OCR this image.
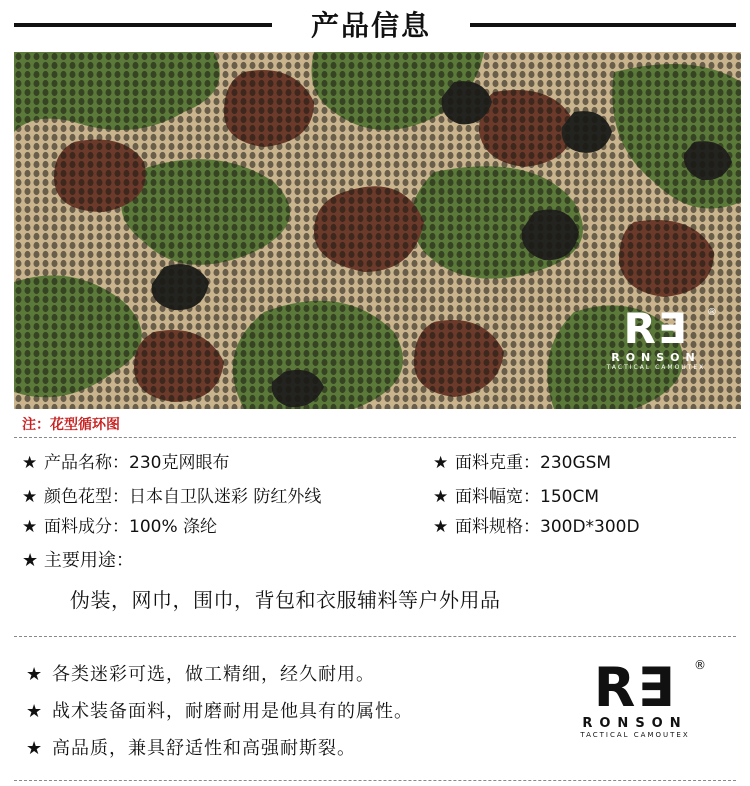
产品信息
®
R∃
RONSON
TACTICAL CAMOUTEX
注：花型循环图
★ 产品名称：230克网眼布
★ 颜色花型：日本自卫队迷彩 防红外线
★ 面料成分：100% 涤纶
★ 面料克重：230GSM
★ 面料幅宽：150CM
★ 面料规格：300D*300D
★ 主要用途：
伪装，网巾，围巾，背包和衣服辅料等户外用品
★ 各类迷彩可选，做工精细，经久耐用。
★ 战术装备面料，耐磨耐用是他具有的属性。
★ 高品质，兼具舒适性和高强耐斯裂。
®
R∃
RONSON
TACTICAL CAMOUTEX
